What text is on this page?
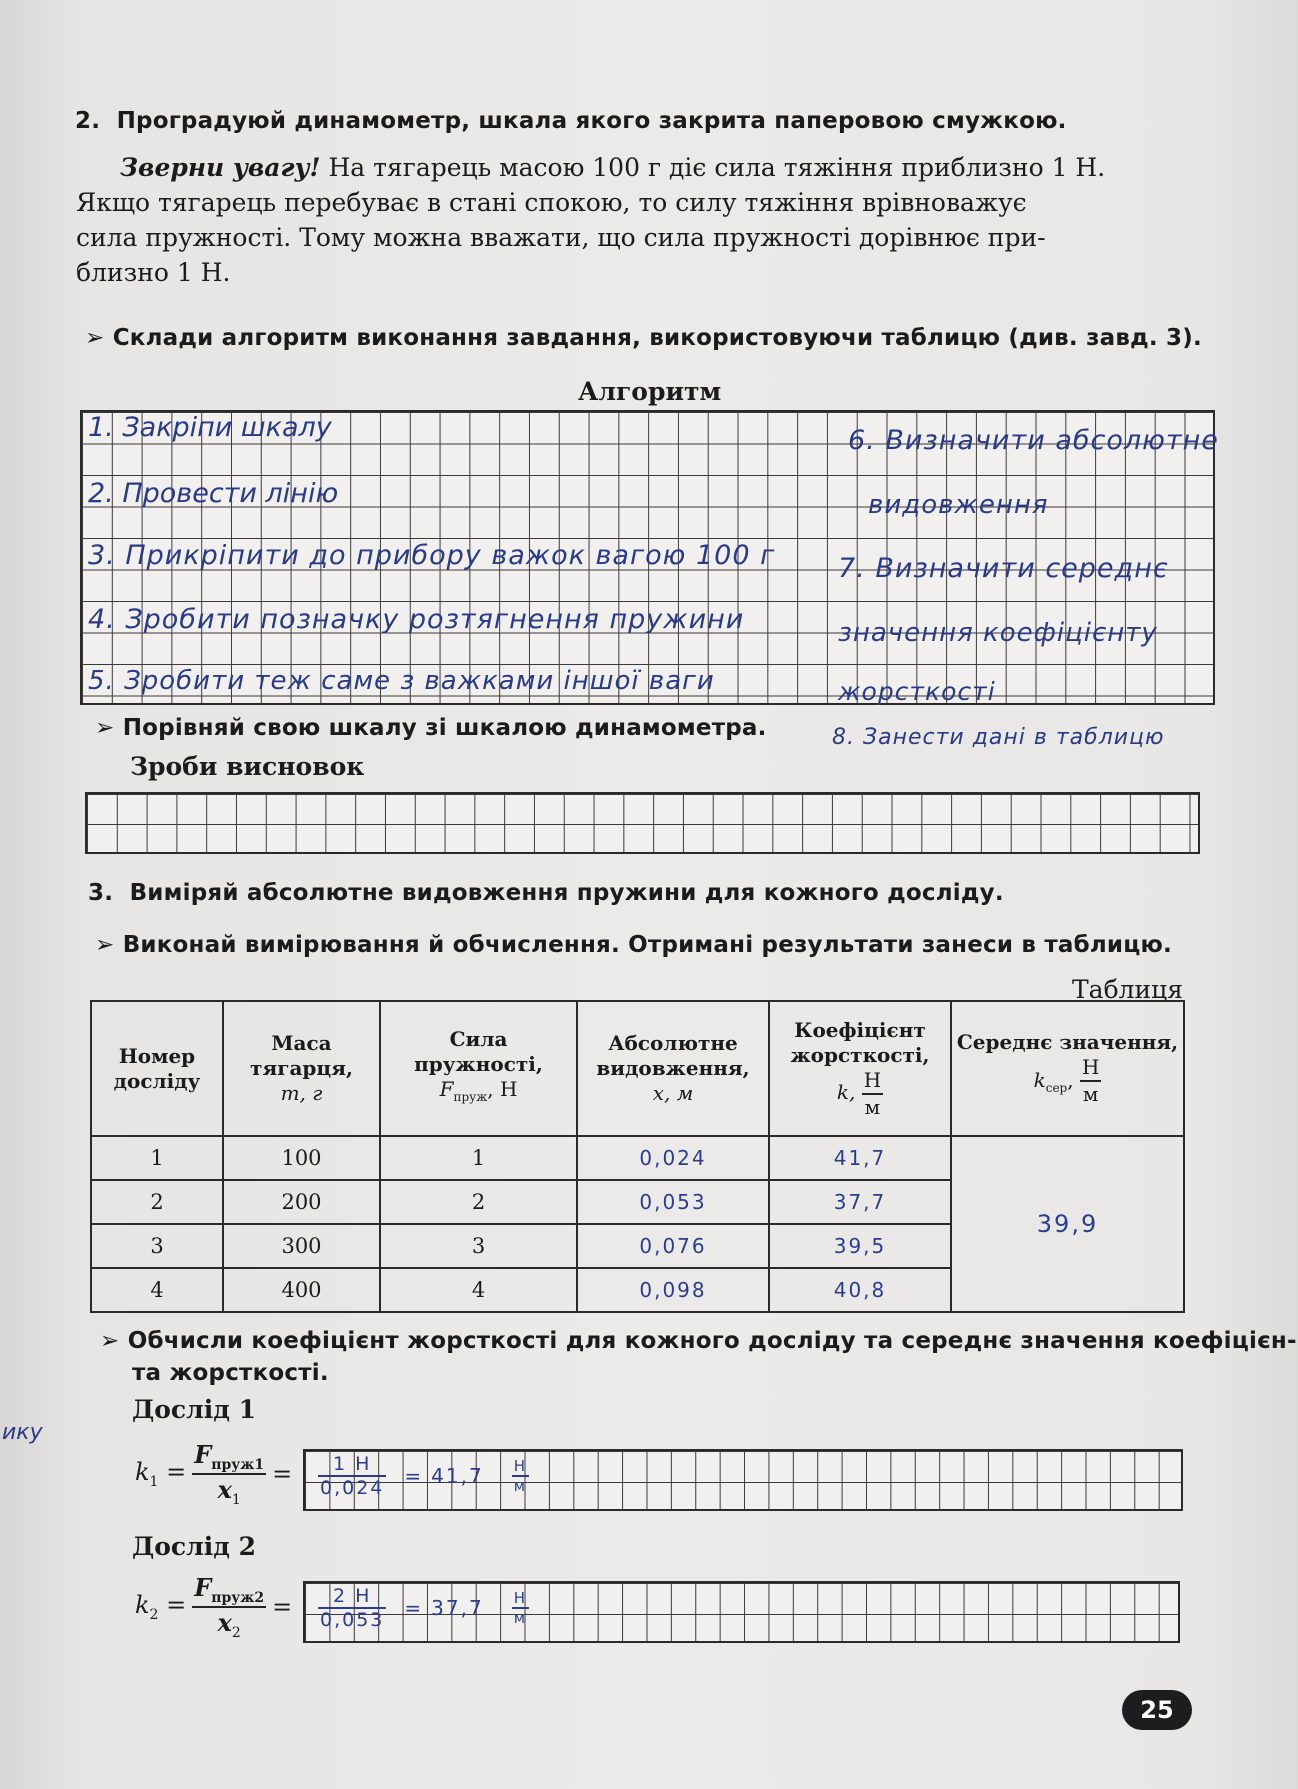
2. Проградуюй динамометр, шкала якого закрита паперовою смужкою.
Зверни увагу! На тягарець масою 100 г діє сила тяжіння приблизно 1 Н.
Якщо тягарець перебуває в стані спокою, то силу тяжіння врівноважує
сила пружності. Тому можна вважати, що сила пружності дорівнює при-
близно 1 Н.
➢ Склади алгоритм виконання завдання, використовуючи таблицю (див. завд. 3).
Алгоритм
1. Закріпи шкалу
2. Провести лінію
3. Прикріпити до прибору важок вагою 100 г
4. Зробити позначку розтягнення пружини
5. Зробити теж саме з важками іншої ваги
6. Визначити абсолютне
видовження
7. Визначити середнє
значення коефіцієнту
жорсткості
➢ Порівняй свою шкалу зі шкалою динамометра.	8. Занести дані в таблицю
Зроби висновок
3. Виміряй абсолютне видовження пружини для кожного досліду.
➢ Виконай вимірювання й обчислення. Отримані результати занеси в таблицю.
Таблиця
Номер
досліду	Маса
тягарця,
m, г	Сила
пружності,
$F_{пруж}$, Н	Абсолютне
видовження,
x, м	Коефіцієнт
жорсткості,
k, $\frac{Н}{м}$	Середнє значення,
$k_{сер}$, $\frac{Н}{м}$

1	100	1	0,024	41,7	39,9
2	200	2	0,053	37,7	
3	300	3	0,076	39,5	
4	400	4	0,098	40,8	
➢ Обчисли коефіцієнт жорсткості для кожного досліду та середнє значення коефіцієн-
та жорсткості.
Дослід 1
$k_1 = \frac{F_{пруж1}}{x_1} = \frac{1 Н}{0,024} = 41,7 \frac{Н}{м}$
Дослід 2
$k_2 = \frac{F_{пруж2}}{x_2} = \frac{2 Н}{0,053} = 37,7 \frac{Н}{м}$
ику
25
